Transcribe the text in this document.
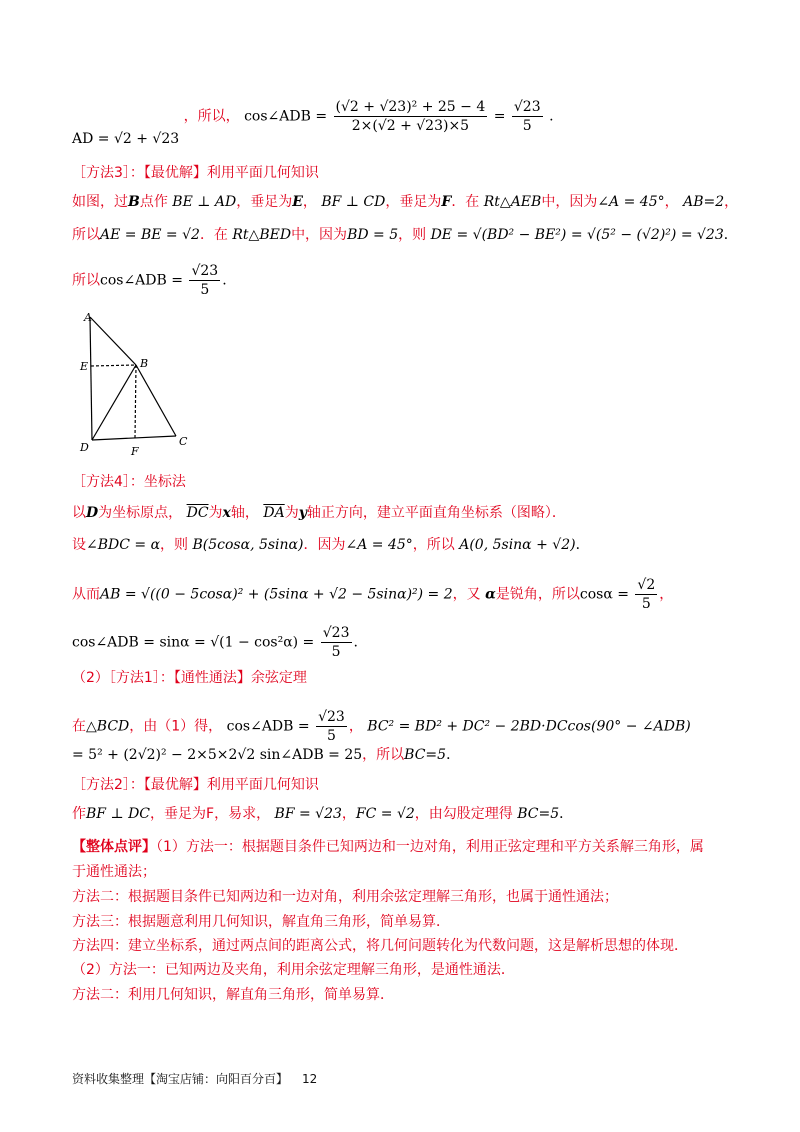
AD = √2 + √23 ，所以， cos∠ADB = $\frac{\text{(√2 + √23)² + 25 − 4}}{2\times(√2 + √23)\times 5} = \frac{√23}{5}$ .
［方法3］：【最优解】利用平面几何知识
如图，过B点作 BE ⊥ AD，垂足为E， BF ⊥ CD，垂足为F．在 Rt△AEB中，因为∠A = 45°， AB=2，
所以AE = BE = √2．在 Rt△BED中，因为BD = 5，则 DE = √(BD² − BE²) = √(5² − (√2)²) = √23．
所以cos∠ADB = $\frac{√23}{5}$ .
A
B
C
D
E
F
［方法4］：坐标法
以D为坐标原点， $\overline{DC}$为x轴， $\overline{DA}$为y轴正方向，建立平面直角坐标系（图略）．
设∠BDC = α，则 B(5cosα, 5sinα)．因为∠A = 45°，所以 A(0, 5sinα + √2)．
从而AB = √((0 − 5cosα)² + (5sinα + √2 − 5sinα)²) = 2，又 α是锐角，所以$\cos\alpha = \frac{√2}{5}$ ，
cos∠ADB = $\sin\alpha = √(1 - \cos^2\alpha) = \frac{√23}{5}$ .
（2）［方法1］：【通性通法】余弦定理
在△BCD，由（1）得， cos∠ADB = $\frac{√23}{5}$ ， BC² = BD² + DC² − 2BD·DCcos(90° − ∠ADB)
= 5² + (2√2)² − 2×5×2√2 sin∠ADB = 25，所以BC=5．
［方法2］：【最优解】利用平面几何知识
作BF ⊥ DC，垂足为F，易求， BF = √23，FC = √2，由勾股定理得 BC=5．
【整体点评】（1）方法一：根据题目条件已知两边和一边对角，利用正弦定理和平方关系解三角形，属
于通性通法；
方法二：根据题目条件已知两边和一边对角，利用余弦定理解三角形，也属于通性通法；
方法三：根据题意利用几何知识，解直角三角形，简单易算．
方法四：建立坐标系，通过两点间的距离公式，将几何问题转化为代数问题，这是解析思想的体现．
（2）方法一：已知两边及夹角，利用余弦定理解三角形，是通性通法．
方法二：利用几何知识，解直角三角形，简单易算．
资料收集整理【淘宝店铺：向阳百分百】 12
